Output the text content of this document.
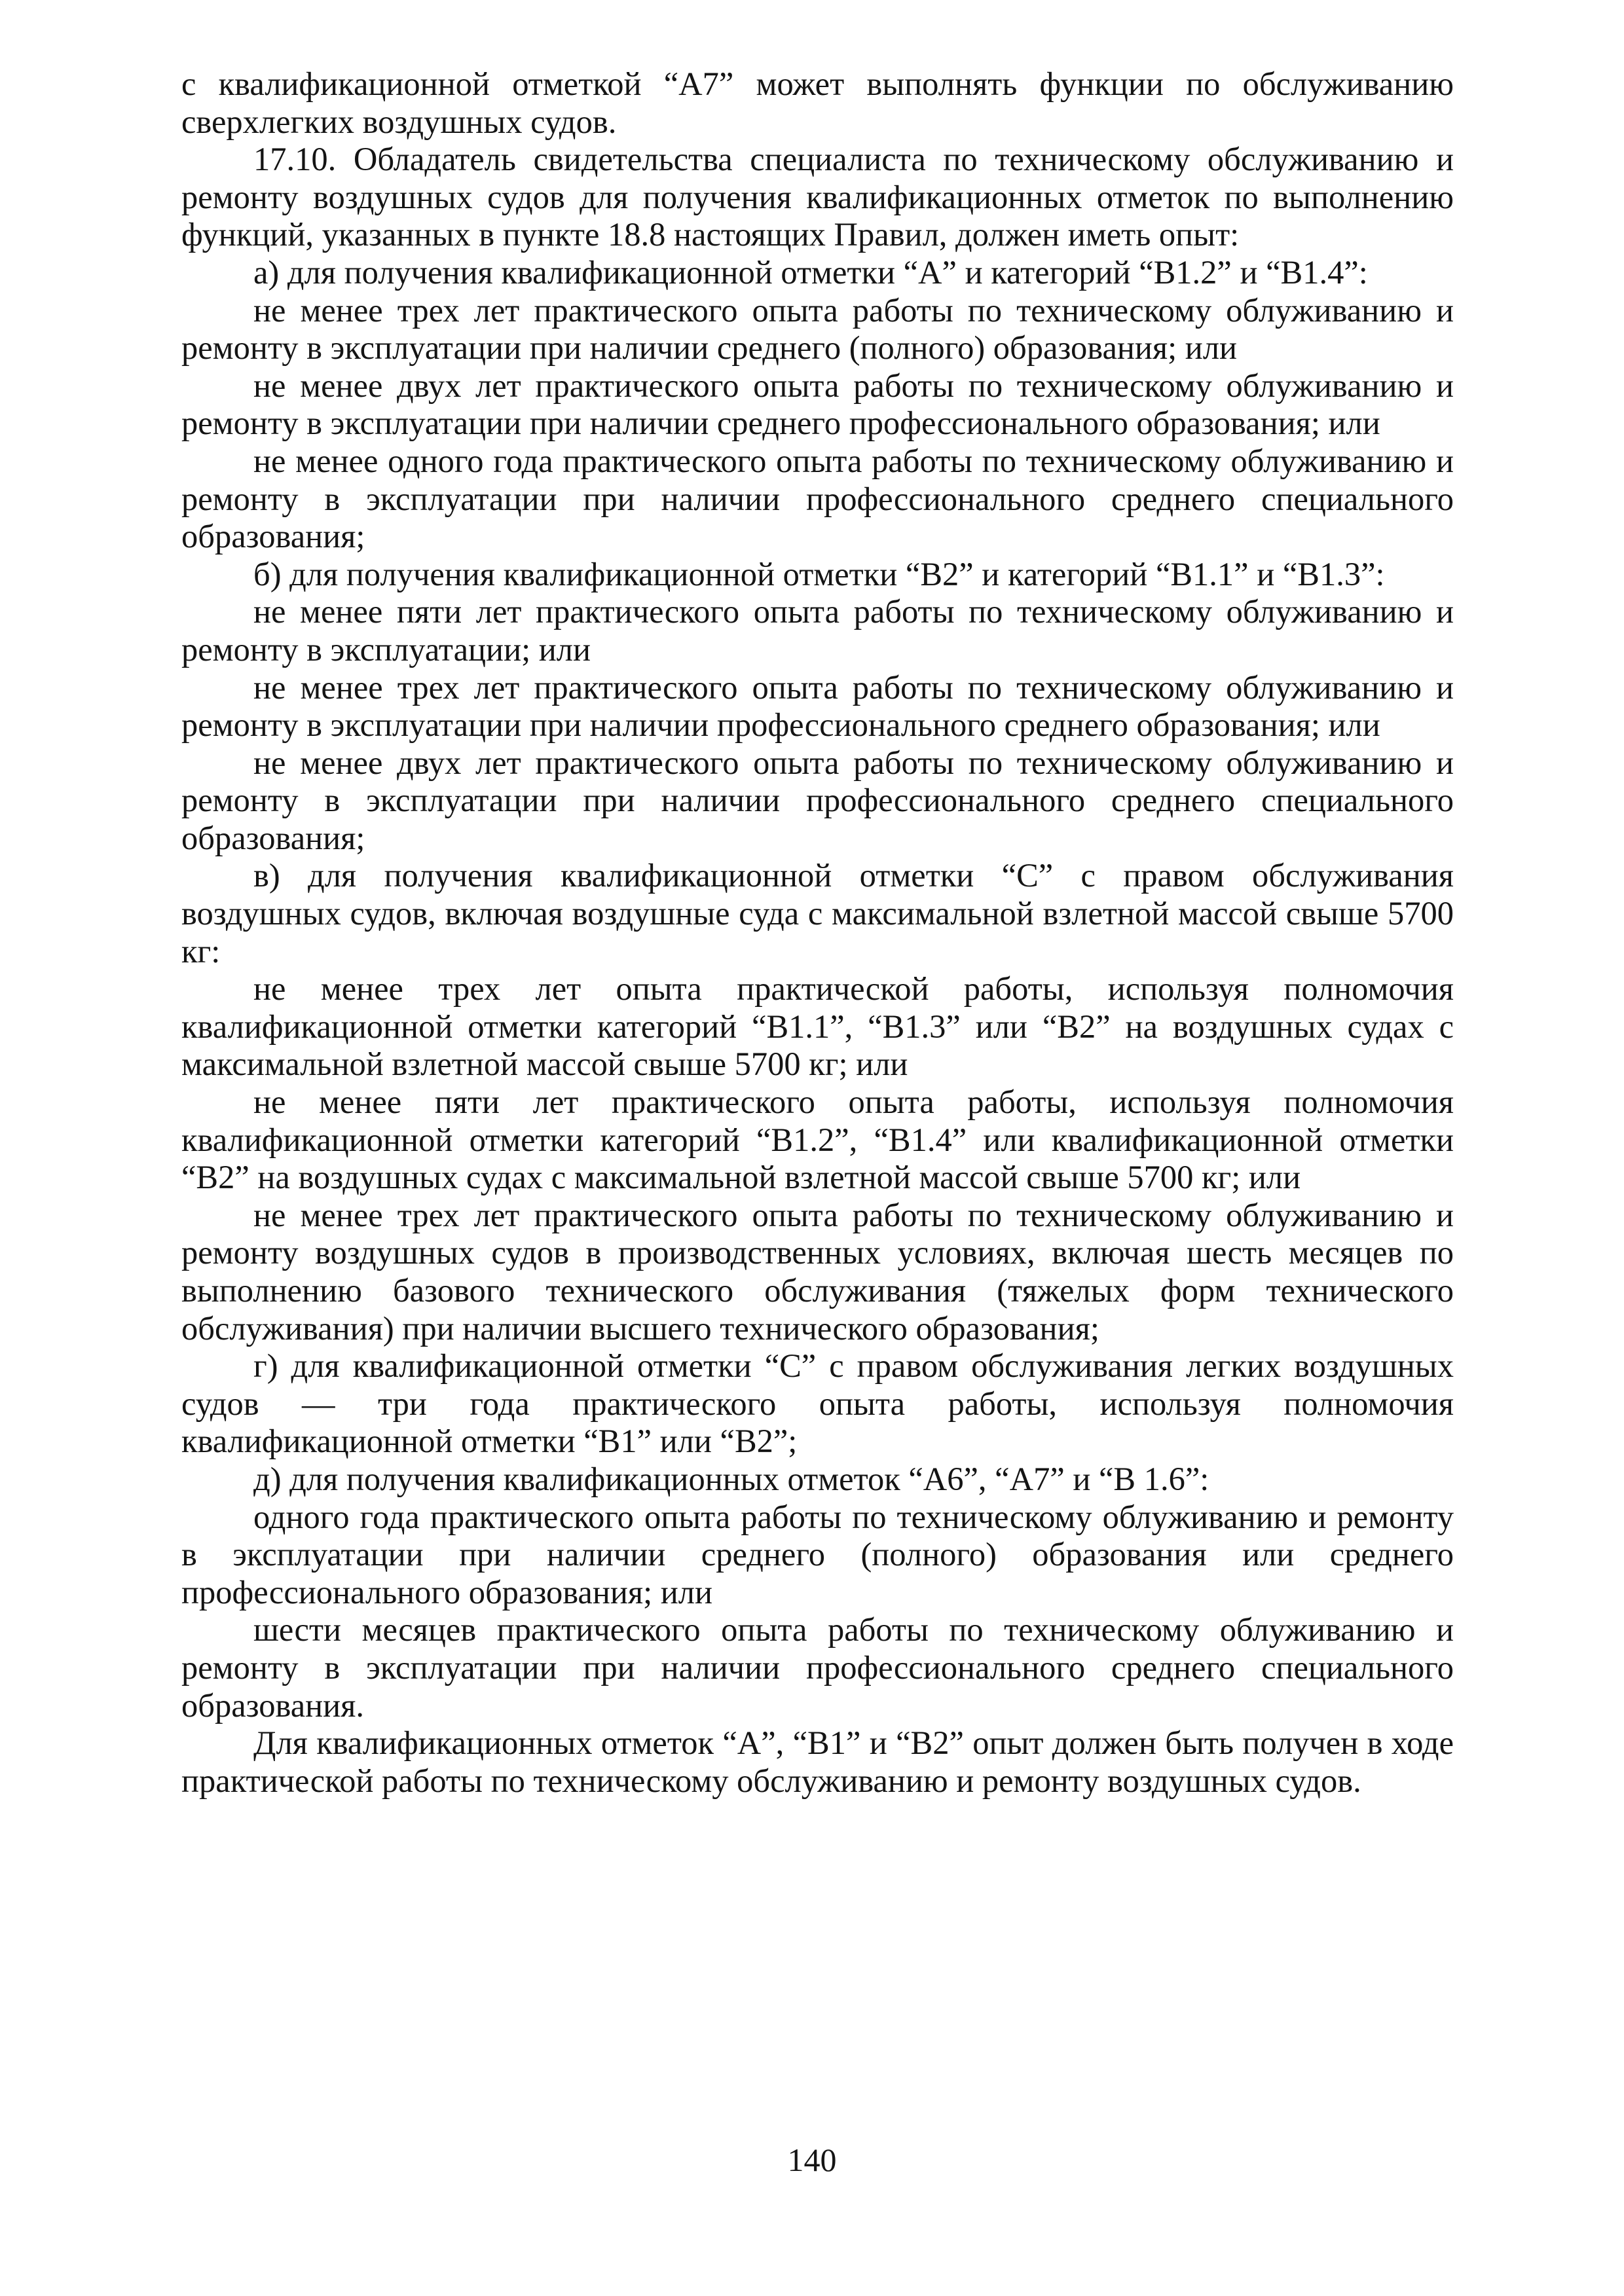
с квалификационной отметкой “А7” может выполнять функции по обслуживанию сверхлегких воздушных судов.

17.10. Обладатель свидетельства специалиста по техническому обслуживанию и ремонту воздушных судов для получения квалификационных отметок по выполнению функций, указанных в пункте 18.8 настоящих Правил, должен иметь опыт:

а) для получения квалификационной отметки “А” и категорий “В1.2” и “В1.4”:

не менее трех лет практического опыта работы по техническому облуживанию и ремонту в эксплуатации при наличии среднего (полного) образования; или

не менее двух лет практического опыта работы по техническому облуживанию и ремонту в эксплуатации при наличии среднего профессионального образования; или

не менее одного года практического опыта работы по техническому облуживанию и ремонту в эксплуатации при наличии профессионального среднего специального образования;

б) для получения квалификационной отметки “В2” и категорий “В1.1” и “В1.3”:

не менее пяти лет практического опыта работы по техническому облуживанию и ремонту в эксплуатации; или

не менее трех лет практического опыта работы по техническому облуживанию и ремонту в эксплуатации при наличии профессионального среднего образования; или

не менее двух лет практического опыта работы по техническому облуживанию и ремонту в эксплуатации при наличии профессионального среднего специального образования;

в) для получения квалификационной отметки “С” с правом обслуживания воздушных судов, включая воздушные суда с максимальной взлетной массой свыше 5700 кг:

не менее трех лет опыта практической работы, используя полномочия квалификационной отметки категорий “В1.1”, “В1.3” или “В2” на воздушных судах с максимальной взлетной массой свыше 5700 кг; или

не менее пяти лет практического опыта работы, используя полномочия квалификационной отметки категорий “В1.2”, “В1.4” или квалификационной отметки “В2” на воздушных судах с максимальной взлетной массой свыше 5700 кг; или

не менее трех лет практического опыта работы по техническому облуживанию и ремонту воздушных судов в производственных условиях, включая шесть месяцев по выполнению базового технического обслуживания (тяжелых форм технического обслуживания) при наличии высшего технического образования;

г) для квалификационной отметки “С” с правом обслуживания легких воздушных судов — три года практического опыта работы, используя полномочия квалификационной отметки “В1” или “В2”;

д) для получения квалификационных отметок “А6”, “А7” и “В 1.6”:

одного года практического опыта работы по техническому облуживанию и ремонту в эксплуатации при наличии среднего (полного) образования или среднего профессионального образования; или

шести месяцев практического опыта работы по техническому облуживанию и ремонту в эксплуатации при наличии профессионального среднего специального образования.

Для квалификационных отметок “А”, “В1” и “В2” опыт должен быть получен в ходе практической работы по техническому обслуживанию и ремонту воздушных судов.

140
